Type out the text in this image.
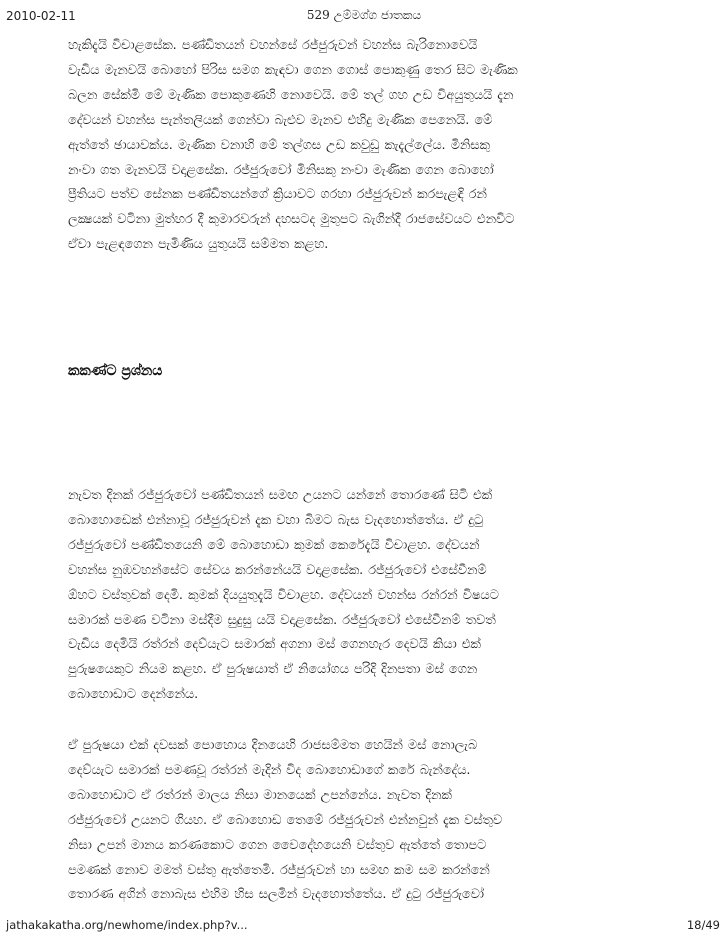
2010-02-11	529 උම්මග්ග ජාතකය

හැකිදැයි විචාළසේක. පණ්ඩිතයන් වහන්සේ රජ්ජුරුවන් වහන්ස බැරිනොවෙයි
වැඩිය මැනවයි බොහෝ පිරිස සමග කැඳවා ගෙන ගොස් පොකුණු තෙර සිට මැණික
බලන සේක්මි මේ මැණික පොකුණෙහි නොවෙයි. මේ තල් ගහ උඩ විඅයුතුයයි දැන
දේවයන් වහන්ස පැන්තලියක් ගෙන්වා බැළුව මැනව එහිදු මැණික පෙනෙයි. මේ
ඇත්තේ ඡායාවක්ය. මැණික වනාහි මේ තල්ගස උඩ කවුඩු කැදැල්ලේය. මිනිසකු
නංවා ගත මැනවයි වදාළසේක. රජ්ජුරුවෝ මිනිසකු නංවා මැණික ගෙන බොහෝ
ප්‍රීතියට පත්ව සේනක පණ්ඩිතයන්ගේ ක්‍රියාවට ගරහා රජ්ජුරුවන් කරපැළඳි රන්
ලක්‍ෂයක් වටිනා මුත්හර දී කුමාරවරුන් දහසටද මුතුපට බැගින්දී රාජසේවයට එනවිට
ඒවා පැළඳගෙන පැමිණිය යුතුයයි සම්මත කළහ.

කකණ්ට ප්‍රශ්නය

නැවත දිනක් රජ්ජුරුවෝ පණ්ඩිතයන් සමඟ උයනට යන්නේ තොරණේ සිටි එක්
බොහොඩෙක් එන්නාවූ රජ්ජුරුවන් දැක වහා බිමට බැස වැදහොත්තේය. ඒ දුටු
රජ්ජුරුවෝ පණ්ඩිතයෙනි මේ බොහොඩා කුමක් කෙරේදැයි විචාළහ. දේවයන්
වහන්ස නුඹවහන්සේට සේවය කරන්නේයයි වදාළසේක. රජ්ජුරුවෝ එසේවීනම්
ඕහට වස්තුවක් දෙමි. කුමක් දියයුතුදැයි විචාළහ. දේවයන් වහන්ස රන්රන් විෂයට
සමාරක් පමණ වටිනා මස්දීම සුදුසු යයි වදාළසේක. රජ්ජුරුවෝ එසේවීනම් තවත්
වැඩිය දෙමියි රත්රන් දෙව්යැට සමාරක් අගනා මස් ගෙනහැර දෙවයි කියා එක්
පුරුෂයෙකුට නියම කළහ. ඒ පුරුෂයාත් ඒ නියෝගය පරිදි දිනපතා මස් ගෙන
බොහොඩාට දෙන්නේය.

ඒ පුරුෂයා එක් දවසක් පොහොය දිනයෙහි රාජසම්මත හෙයින් මස් නොලැබ
දෙව්යැට සමාරක් පමණවූ රත්රන් මැදින් විද බොහොඩාගේ කරේ බැන්දේය.
බොහොඩාට ඒ රත්රන් මාලය නිසා මානයෙක් උපන්නේය. නැවත දිනක්
රජ්ජුරුවෝ උයනට ගියහ. ඒ බොහොඩ තෙමේ රජ්ජුරුවන් එන්නවුන් දැක වස්තුව
නිසා උපන් මානය කරණකොට ගෙන වෛදේහයෙනි වස්තුව ඇත්තේ තොපට
පමණක් නොව මමත් වස්තු ඇත්තෙමි. රජ්ජුරුවන් හා සමඟ කම සම කරන්නේ
තොරණ අගින් නොබැස එහිම හිස සලමින් වැදහොත්තේය. ඒ දුටු රජ්ජුරුවෝ

jathakakatha.org/newhome/index.php?v...	18/49
